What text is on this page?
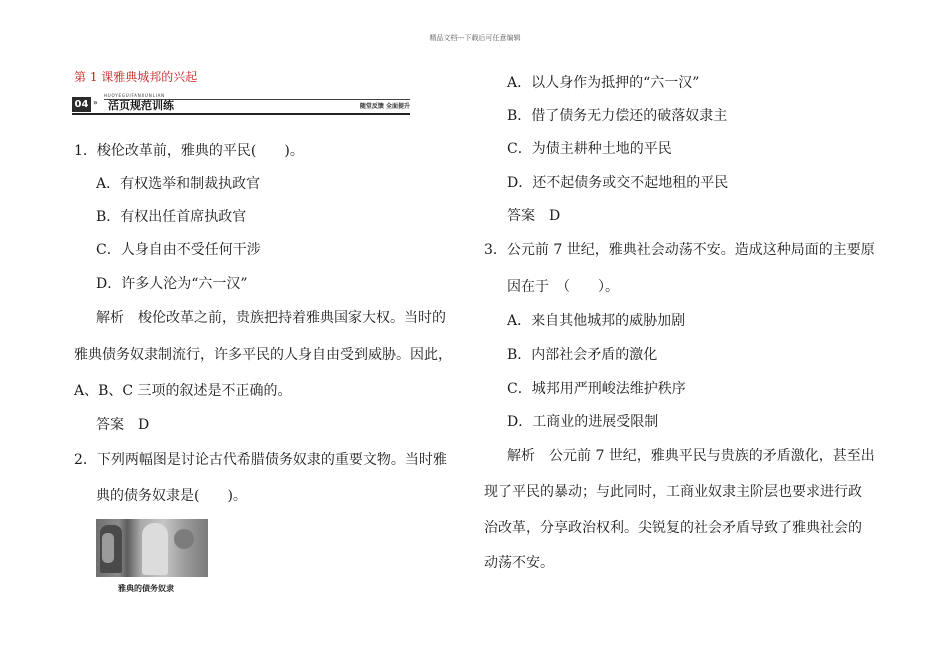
精品文档---下载后可任意编辑
第 1 课雅典城邦的兴起
HUOYEGUIFANXUNLIAN
04 » 活页规范训练	随堂反馈 全面提升
1．梭伦改革前，雅典的平民(　　)。
A．有权选举和制裁执政官
B．有权出任首席执政官
C．人身自由不受任何干涉
D．许多人沦为“六一汉”
解析　梭伦改革之前，贵族把持着雅典国家大权。当时的
雅典债务奴隶制流行，许多平民的人身自由受到威胁。因此，
A、B、C 三项的叙述是不正确的。
答案　D
2．下列两幅图是讨论古代希腊债务奴隶的重要文物。当时雅
典的债务奴隶是(　　)。
雅典的债务奴隶
A．以人身作为抵押的“六一汉”
B．借了债务无力偿还的破落奴隶主
C．为债主耕种土地的平民
D．还不起债务或交不起地租的平民
答案　D
3．公元前 7 世纪，雅典社会动荡不安。造成这种局面的主要原
因在于　（　　）。
A．来自其他城邦的威胁加剧
B．内部社会矛盾的激化
C．城邦用严刑峻法维护秩序
D．工商业的进展受限制
解析　公元前 7 世纪，雅典平民与贵族的矛盾激化，甚至出
现了平民的暴动；与此同时，工商业奴隶主阶层也要求进行政
治改革，分享政治权利。尖锐复的社会矛盾导致了雅典社会的
动荡不安。
